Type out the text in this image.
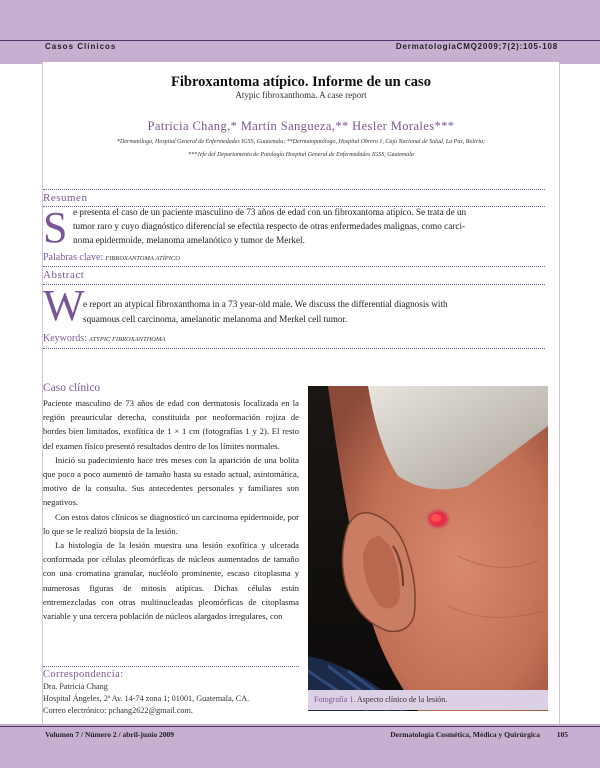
Casos Clínicos	DermatologíaCMQ2009;7(2):105-108
Fibroxantoma atípico. Informe de un caso
Atypic fibroxanthoma. A case report
Patricia Chang,* Martín Sangueza,** Hesler Morales***
*Dermatóloga, Hospital General de Enfermedades IGSS, Guatemala; **Dermatopatólogo, Hospital Obrero 1, Caja Nacional de Salud, La Paz, Bolivia;
***Jefe del Departamento de Patología Hospital General de Enfermedades IGSS, Guatemala
Resumen
S e presenta el caso de un paciente masculino de 73 años de edad con un fibroxantoma atípico. Se trata de un
tumor raro y cuyo diagnóstico diferencial se efectúa respecto de otras enfermedades malignas, como carci-
noma epidermoide, melanoma amelanótico y tumor de Merkel.
Palabras clave: FIBROXANTOMA ATÍPICO
Abstract
W
e report an atypical fibroxanthoma in a 73 year-old male. We discuss the differential diagnosis with
squamous cell carcinoma, amelanotic melanoma and Merkel cell tumor.
Keywords: ATYPIC FIBROXANTHOMA
Caso clínico

Paciente masculino de 73 años de edad con dermatosis localizada en la región preauricular derecha, constituida por neoformación rojiza de bordes bien limitados, exofítica de 1 × 1 cm (fotografías 1 y 2). El resto del examen físico presentó resultados dentro de los límites normales.

Inició su padecimiento hace tres meses con la aparición de una bolita que poco a poco aumentó de tamaño hasta su estado actual, asintomática, motivo de la consulta. Sus antecedentes personales y familiares son negativos.

Con estos datos clínicos se diagnosticó un carcinoma epidermoide, por lo que se le realizó biopsia de la lesión.

La histología de la lesión muestra una lesión exofítica y ulcerada conformada por células pleomórficas de núcleos aumentados de tamaño con una cromatina granular, nucléolo prominente, escaso citoplasma y numerosas figuras de mitosis atípicas. Dichas células están entremezcladas con otras multinucleadas pleomórficas de citoplasma variable y una tercera población de núcleos alargados irregulares, con

Fotografía 1. Aspecto clínico de la lesión.
Correspondencia:
Dra. Patricia Chang
Hospital Ángeles, 2ª Av. 14-74 zona 1; 01001, Guatemala, CA.
Correo electrónico: pchang2622@gmail.com.
Volumen 7 / Número 2 / abril-junio 2009	Dermatología Cosmética, Médica y Quirúrgica 105
